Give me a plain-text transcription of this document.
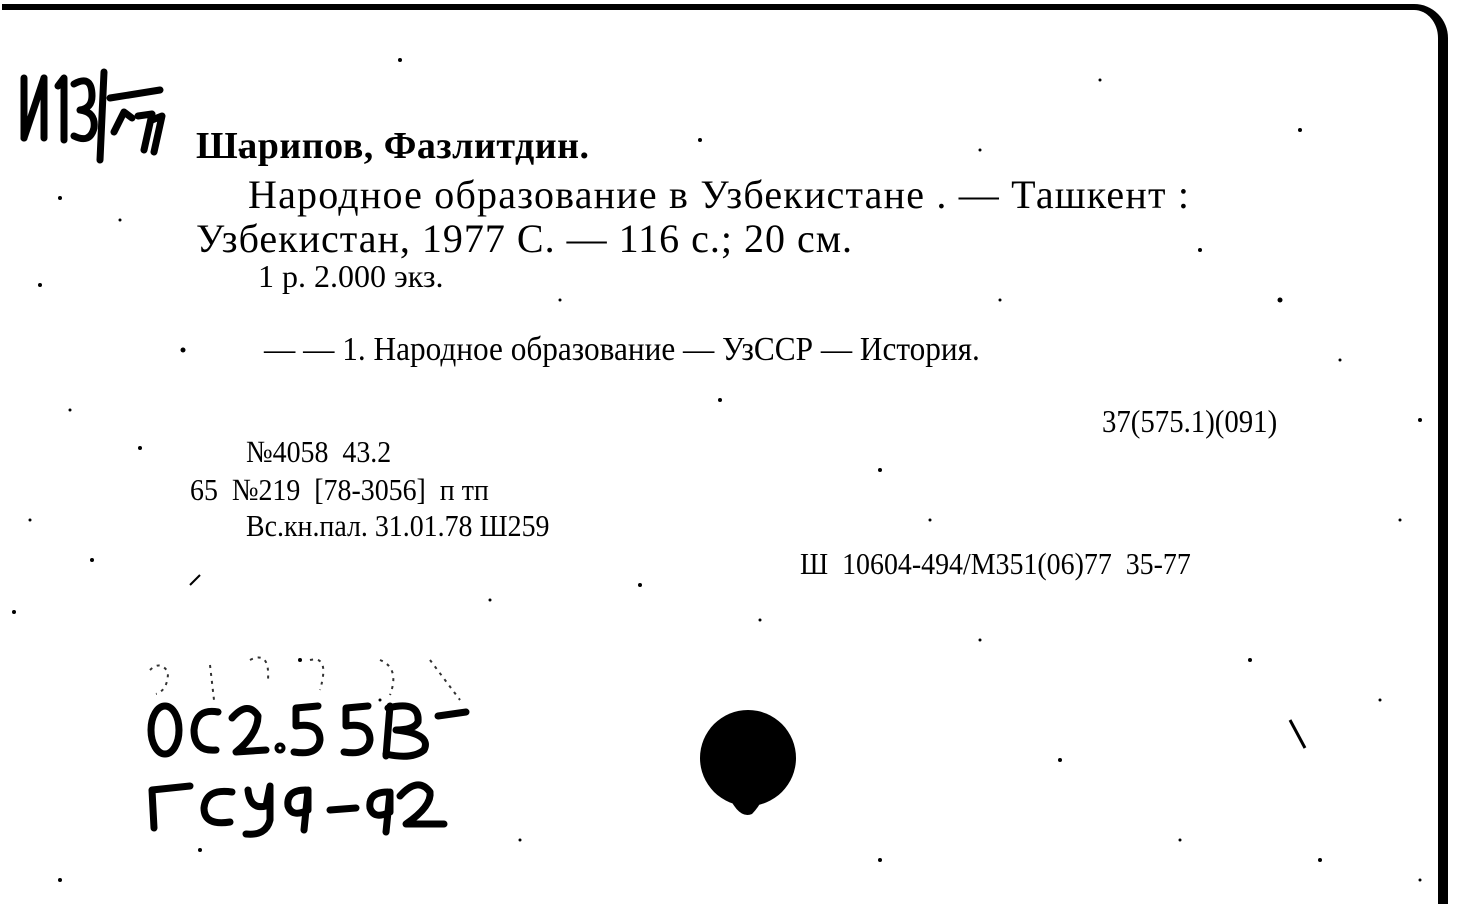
Шарипов, Фазлитдин.
Народное образование в Узбекистане . — Ташкент :
Узбекистан, 1977 С. — 116 с.; 20 см.
1 р. 2.000 экз.
— — 1. Народное образование — УзССР — История.
37(575.1)(091)
№4058  43.2
65  №219  [78-3056]  п тп
Вс.кн.пал. 31.01.78 Ш259
Ш  10604-494/М351(06)77  35-77
